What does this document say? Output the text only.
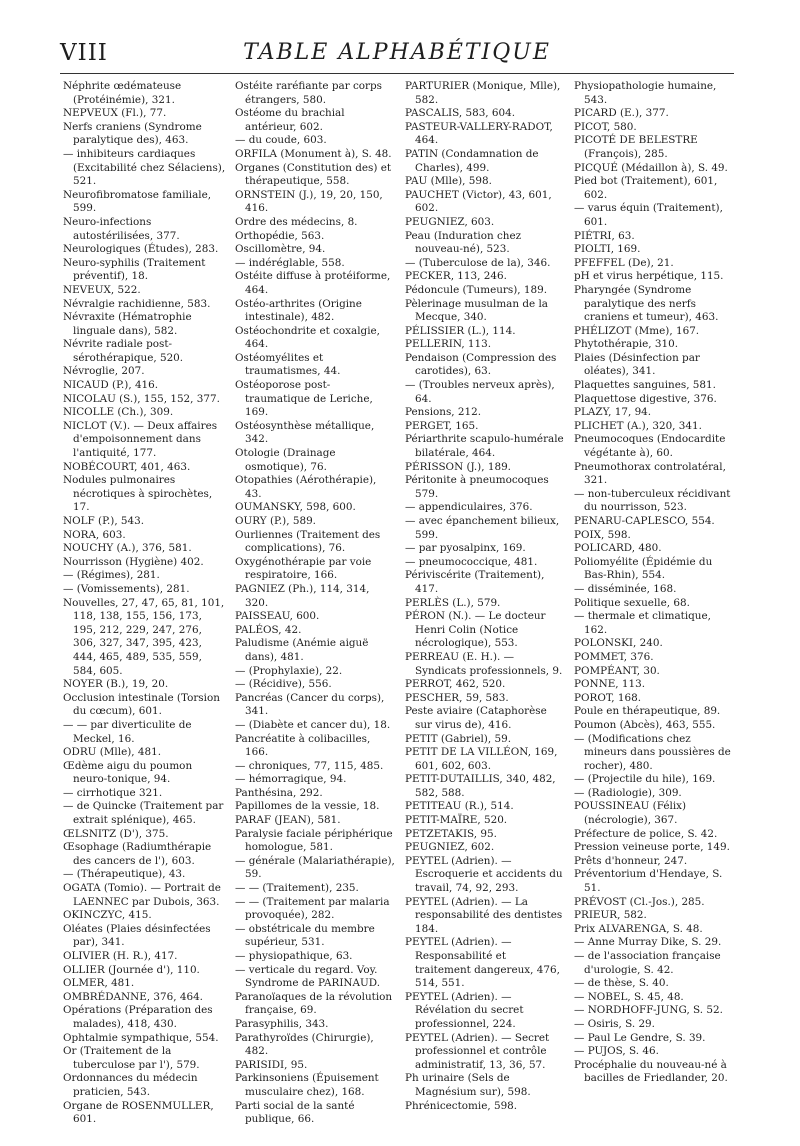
VIII	TABLE ALPHABÉTIQUE

Néphrite œdémateuse (Protéinémie), 321.

NEPVEUX (Fl.), 77.

Nerfs craniens (Syndrome paralytique des), 463.

— inhibiteurs cardiaques (Excitabilité chez Sélaciens), 521.

Neurofibromatose familiale, 599.

Neuro-infections autostérilisées, 377.

Neurologiques (Études), 283.

Neuro-syphilis (Traitement préventif), 18.

NEVEUX, 522.

Névralgie rachidienne, 583.

Névraxite (Hématrophie linguale dans), 582.

Névrite radiale post-sérothérapique, 520.

Névroglie, 207.

NICAUD (P.), 416.

NICOLAU (S.), 155, 152, 377.

NICOLLE (Ch.), 309.

NICLOT (V.). — Deux affaires d'empoisonnement dans l'antiquité, 177.

NOBÉCOURT, 401, 463.

Nodules pulmonaires nécrotiques à spirochètes, 17.

NOLF (P.), 543.

NORA, 603.

NOUCHY (A.), 376, 581.

Nourrisson (Hygiène) 402.

— (Régimes), 281.

— (Vomissements), 281.

Nouvelles, 27, 47, 65, 81, 101, 118, 138, 155, 156, 173, 195, 212, 229, 247, 276, 306, 327, 347, 395, 423, 444, 465, 489, 535, 559, 584, 605.

NOYER (B.), 19, 20.

Occlusion intestinale (Torsion du cœcum), 601.

— — par diverticulite de Meckel, 16.

ODRU (Mlle), 481.

Œdème aigu du poumon neuro-tonique, 94.

— cirrhotique 321.

— de Quincke (Traitement par extrait splénique), 465.

ŒLSNITZ (D'), 375.

Œsophage (Radiumthérapie des cancers de l'), 603.

— (Thérapeutique), 43.

OGATA (Tomio). — Portrait de LAENNEC par Dubois, 363.

OKINCZYC, 415.

Oléates (Plaies désinfectées par), 341.

OLIVIER (H. R.), 417.

OLLIER (Journée d'), 110.

OLMER, 481.

OMBRÉDANNE, 376, 464.

Opérations (Préparation des malades), 418, 430.

Ophtalmie sympathique, 554.

Or (Traitement de la tuberculose par l'), 579.

Ordonnances du médecin praticien, 543.

Organe de ROSENMULLER, 601.

Ostéite raréfiante par corps étrangers, 580.

Ostéome du brachial antérieur, 602.

— du coude, 603.

ORFILA (Monument à), S. 48.

Organes (Constitution des) et thérapeutique, 558.

ORNSTEIN (J.), 19, 20, 150, 416.

Ordre des médecins, 8.

Orthopédie, 563.

Oscillomètre, 94.

— indéréglable, 558.

Ostéite diffuse à protéiforme, 464.

Ostéo-arthrites (Origine intestinale), 482.

Ostéochondrite et coxalgie, 464.

Ostéomyélites et traumatismes, 44.

Ostéoporose post-traumatique de Leriche, 169.

Ostéosynthèse métallique, 342.

Otologie (Drainage osmotique), 76.

Otopathies (Aérothérapie), 43.

OUMANSKY, 598, 600.

OURY (P.), 589.

Ourliennes (Traitement des complications), 76.

Oxygénothérapie par voie respiratoire, 166.

PAGNIEZ (Ph.), 114, 314, 320.

PAISSEAU, 600.

PALÉOS, 42.

Paludisme (Anémie aiguë dans), 481.

— (Prophylaxie), 22.

— (Récidive), 556.

Pancréas (Cancer du corps), 341.

— (Diabète et cancer du), 18.

Pancréatite à colibacilles, 166.

— chroniques, 77, 115, 485.

— hémorragique, 94.

Panthésina, 292.

Papillomes de la vessie, 18.

PARAF (JEAN), 581.

Paralysie faciale périphérique homologue, 581.

— générale (Malariathérapie), 59.

— — (Traitement), 235.

— — (Traitement par malaria provoquée), 282.

— obstétricale du membre supérieur, 531.

— physiopathique, 63.

— verticale du regard. Voy. Syndrome de PARINAUD.

Paranoïaques de la révolution française, 69.

Parasyphilis, 343.

Parathyroïdes (Chirurgie), 482.

PARISIDI, 95.

Parkinsoniens (Épuisement musculaire chez), 168.

Parti social de la santé publique, 66.

PARTURIER (Monique, Mlle), 582.

PASCALIS, 583, 604.

PASTEUR-VALLERY-RADOT, 464.

PATIN (Condamnation de Charles), 499.

PAU (Mlle), 598.

PAUCHET (Victor), 43, 601, 602.

PEUGNIEZ, 603.

Peau (Induration chez nouveau-né), 523.

— (Tuberculose de la), 346.

PECKER, 113, 246.

Pédoncule (Tumeurs), 189.

Pèlerinage musulman de la Mecque, 340.

PÉLISSIER (L.), 114.

PELLERIN, 113.

Pendaison (Compression des carotides), 63.

— (Troubles nerveux après), 64.

Pensions, 212.

PERGET, 165.

Périarthrite scapulo-humérale bilatérale, 464.

PÉRISSON (J.), 189.

Péritonite à pneumocoques 579.

— appendiculaires, 376.

— avec épanchement bilieux, 599.

— par pyosalpinx, 169.

— pneumococcique, 481.

Périviscérite (Traitement), 417.

PERLÈS (L.), 579.

PÉRON (N.). — Le docteur Henri Colin (Notice nécrologique), 553.

PERREAU (E. H.). — Syndicats professionnels, 9.

PERROT, 462, 520.

PESCHER, 59, 583.

Peste aviaire (Cataphorèse sur virus de), 416.

PETIT (Gabriel), 59.

PETIT DE LA VILLÉON, 169, 601, 602, 603.

PETIT-DUTAILLIS, 340, 482, 582, 588.

PETITEAU (R.), 514.

PETIT-MAÏRE, 520.

PETZETAKIS, 95.

PEUGNIEZ, 602.

PEYTEL (Adrien). — Escroquerie et accidents du travail, 74, 92, 293.

PEYTEL (Adrien). — La responsabilité des dentistes 184.

PEYTEL (Adrien). — Responsabilité et traitement dangereux, 476, 514, 551.

PEYTEL (Adrien). — Révélation du secret professionnel, 224.

PEYTEL (Adrien). — Secret professionnel et contrôle administratif, 13, 36, 57.

Ph urinaire (Sels de Magnésium sur), 598.

Phrénicectomie, 598.

Physiopathologie humaine, 543.

PICARD (E.), 377.

PICOT, 580.

PICOTÉ DE BELESTRE (François), 285.

PICQUÉ (Médaillon à), S. 49.

Pied bot (Traitement), 601, 602.

— varus équin (Traitement), 601.

PIÉTRI, 63.

PIOLTI, 169.

PFEFFEL (De), 21.

pH et virus herpétique, 115.

Pharyngée (Syndrome paralytique des nerfs craniens et tumeur), 463.

PHÉLIZOT (Mme), 167.

Phytothérapie, 310.

Plaies (Désinfection par oléates), 341.

Plaquettes sanguines, 581.

Plaquettose digestive, 376.

PLAZY, 17, 94.

PLICHET (A.), 320, 341.

Pneumocoques (Endocardite végétante à), 60.

Pneumothorax controlatéral, 321.

— non-tuberculeux récidivant du nourrisson, 523.

PENARU-CAPLESCO, 554.

POIX, 598.

POLICARD, 480.

Poliomyélite (Épidémie du Bas-Rhin), 554.

— disséminée, 168.

Politique sexuelle, 68.

— thermale et climatique, 162.

POLONSKI, 240.

POMMET, 376.

POMPÉANT, 30.

PONNE, 113.

POROT, 168.

Poule en thérapeutique, 89.

Poumon (Abcès), 463, 555.

— (Modifications chez mineurs dans poussières de rocher), 480.

— (Projectile du hile), 169.

— (Radiologie), 309.

POUSSINEAU (Félix) (nécrologie), 367.

Préfecture de police, S. 42.

Pression veineuse porte, 149.

Prêts d'honneur, 247.

Préventorium d'Hendaye, S. 51.

PRÉVOST (Cl.-Jos.), 285.

PRIEUR, 582.

Prix ALVARENGA, S. 48.

— Anne Murray Dike, S. 29.

— de l'association française d'urologie, S. 42.

— de thèse, S. 40.

— NOBEL, S. 45, 48.

— NORDHOFF-JUNG, S. 52.

— Osiris, S. 29.

— Paul Le Gendre, S. 39.

— PUJOS, S. 46.

Procéphalie du nouveau-né à bacilles de Friedlander, 20.
